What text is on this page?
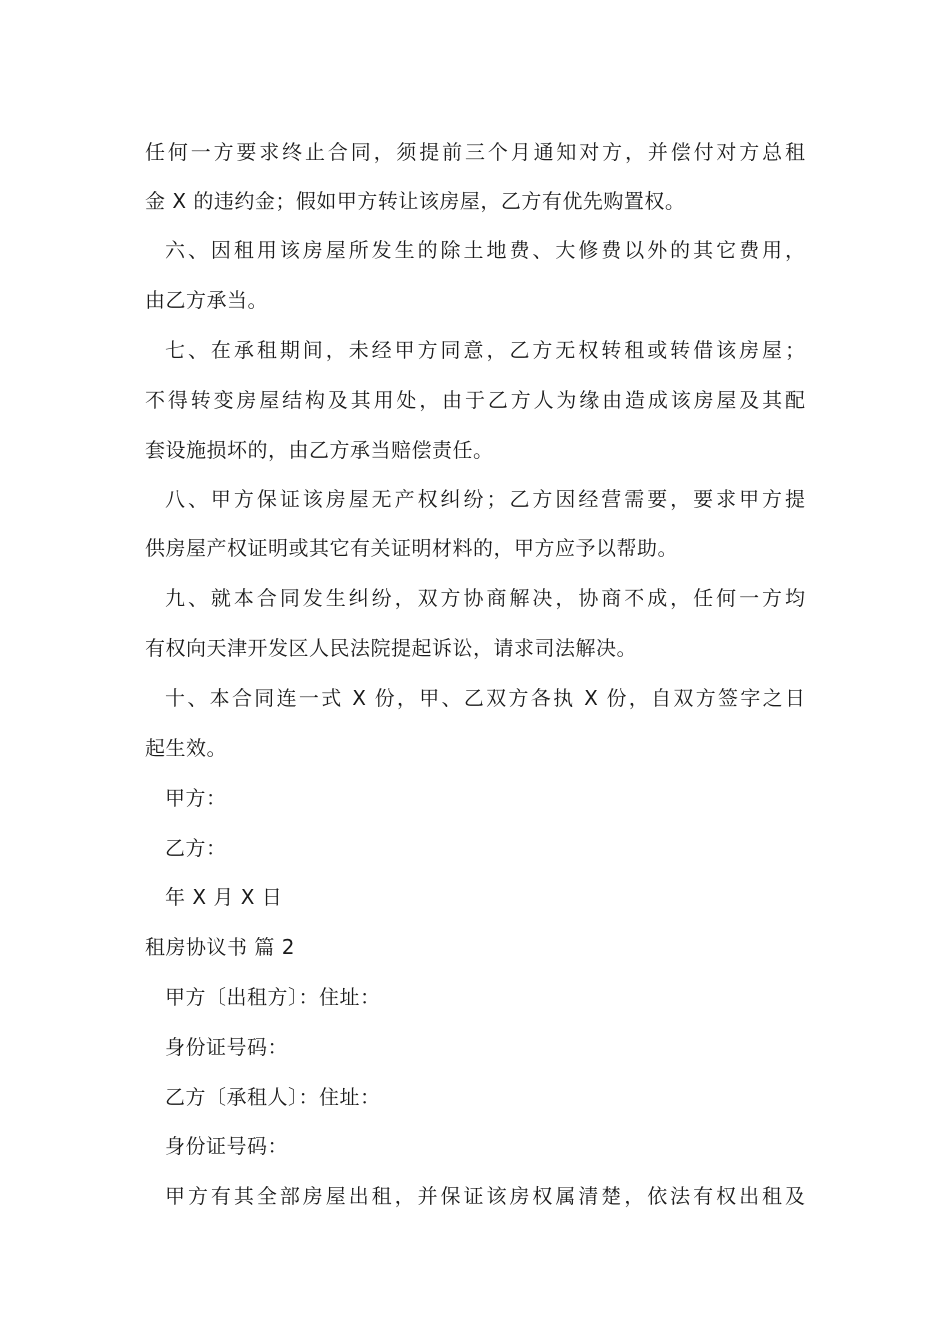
任何一方要求终止合同，须提前三个月通知对方，并偿付对方总租
金 X 的违约金；假如甲方转让该房屋，乙方有优先购置权。
六、因租用该房屋所发生的除土地费、大修费以外的其它费用，
由乙方承当。
七、在承租期间，未经甲方同意，乙方无权转租或转借该房屋；
不得转变房屋结构及其用处，由于乙方人为缘由造成该房屋及其配
套设施损坏的，由乙方承当赔偿责任。
八、甲方保证该房屋无产权纠纷；乙方因经营需要，要求甲方提
供房屋产权证明或其它有关证明材料的，甲方应予以帮助。
九、就本合同发生纠纷，双方协商解决，协商不成，任何一方均
有权向天津开发区人民法院提起诉讼，请求司法解决。
十、本合同连一式 X 份，甲、乙双方各执 X 份，自双方签字之日
起生效。
甲方：
乙方：
年 X 月 X 日
租房协议书 篇 2
甲方〔出租方〕：住址：
身份证号码：
乙方〔承租人〕：住址：
身份证号码：
甲方有其全部房屋出租，并保证该房权属清楚，依法有权出租及
